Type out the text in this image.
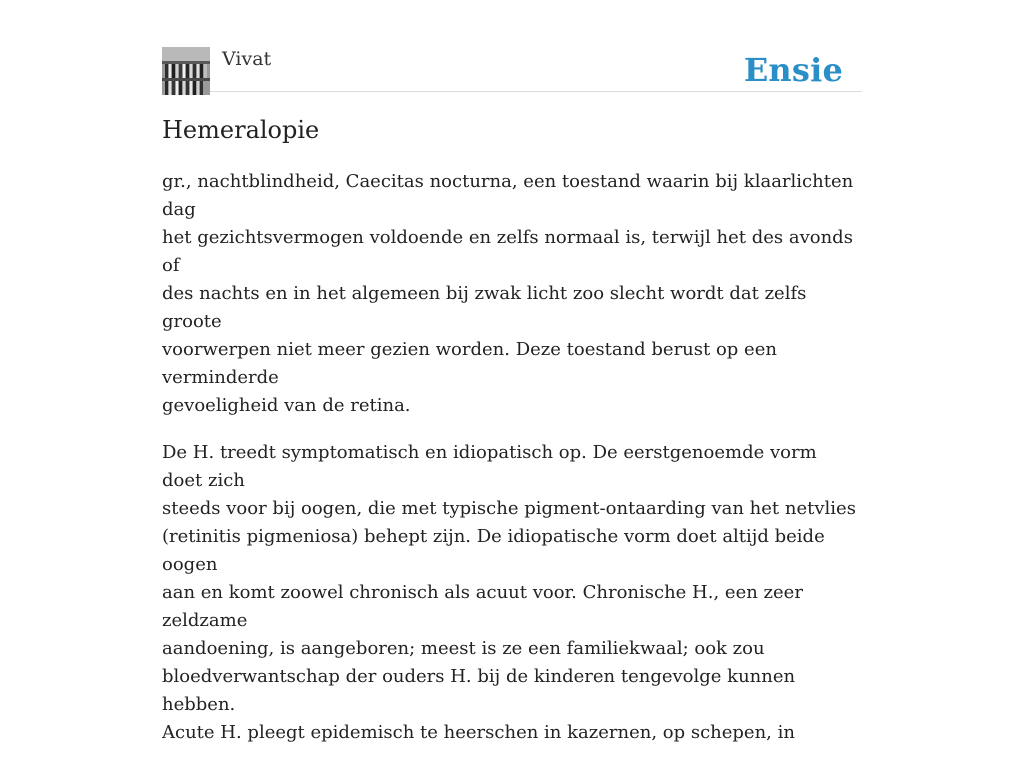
Vivat	Ensie
Hemeralopie

gr., nachtblindheid, Caecitas nocturna, een toestand waarin bij klaarlichten dag
het gezichtsvermogen voldoende en zelfs normaal is, terwijl het des avonds of
des nachts en in het algemeen bij zwak licht zoo slecht wordt dat zelfs groote
voorwerpen niet meer gezien worden. Deze toestand berust op een verminderde
gevoeligheid van de retina.

De H. treedt symptomatisch en idiopatisch op. De eerstgenoemde vorm doet zich
steeds voor bij oogen, die met typische pigment-ontaarding van het netvlies
(retinitis pigmeniosa) behept zijn. De idiopatische vorm doet altijd beide oogen
aan en komt zoowel chronisch als acuut voor. Chronische H., een zeer zeldzame
aandoening, is aangeboren; meest is ze een familiekwaal; ook zou
bloedverwantschap der ouders H. bij de kinderen tengevolge kunnen hebben.
Acute H. pleegt epidemisch te heerschen in kazernen, op schepen, in
